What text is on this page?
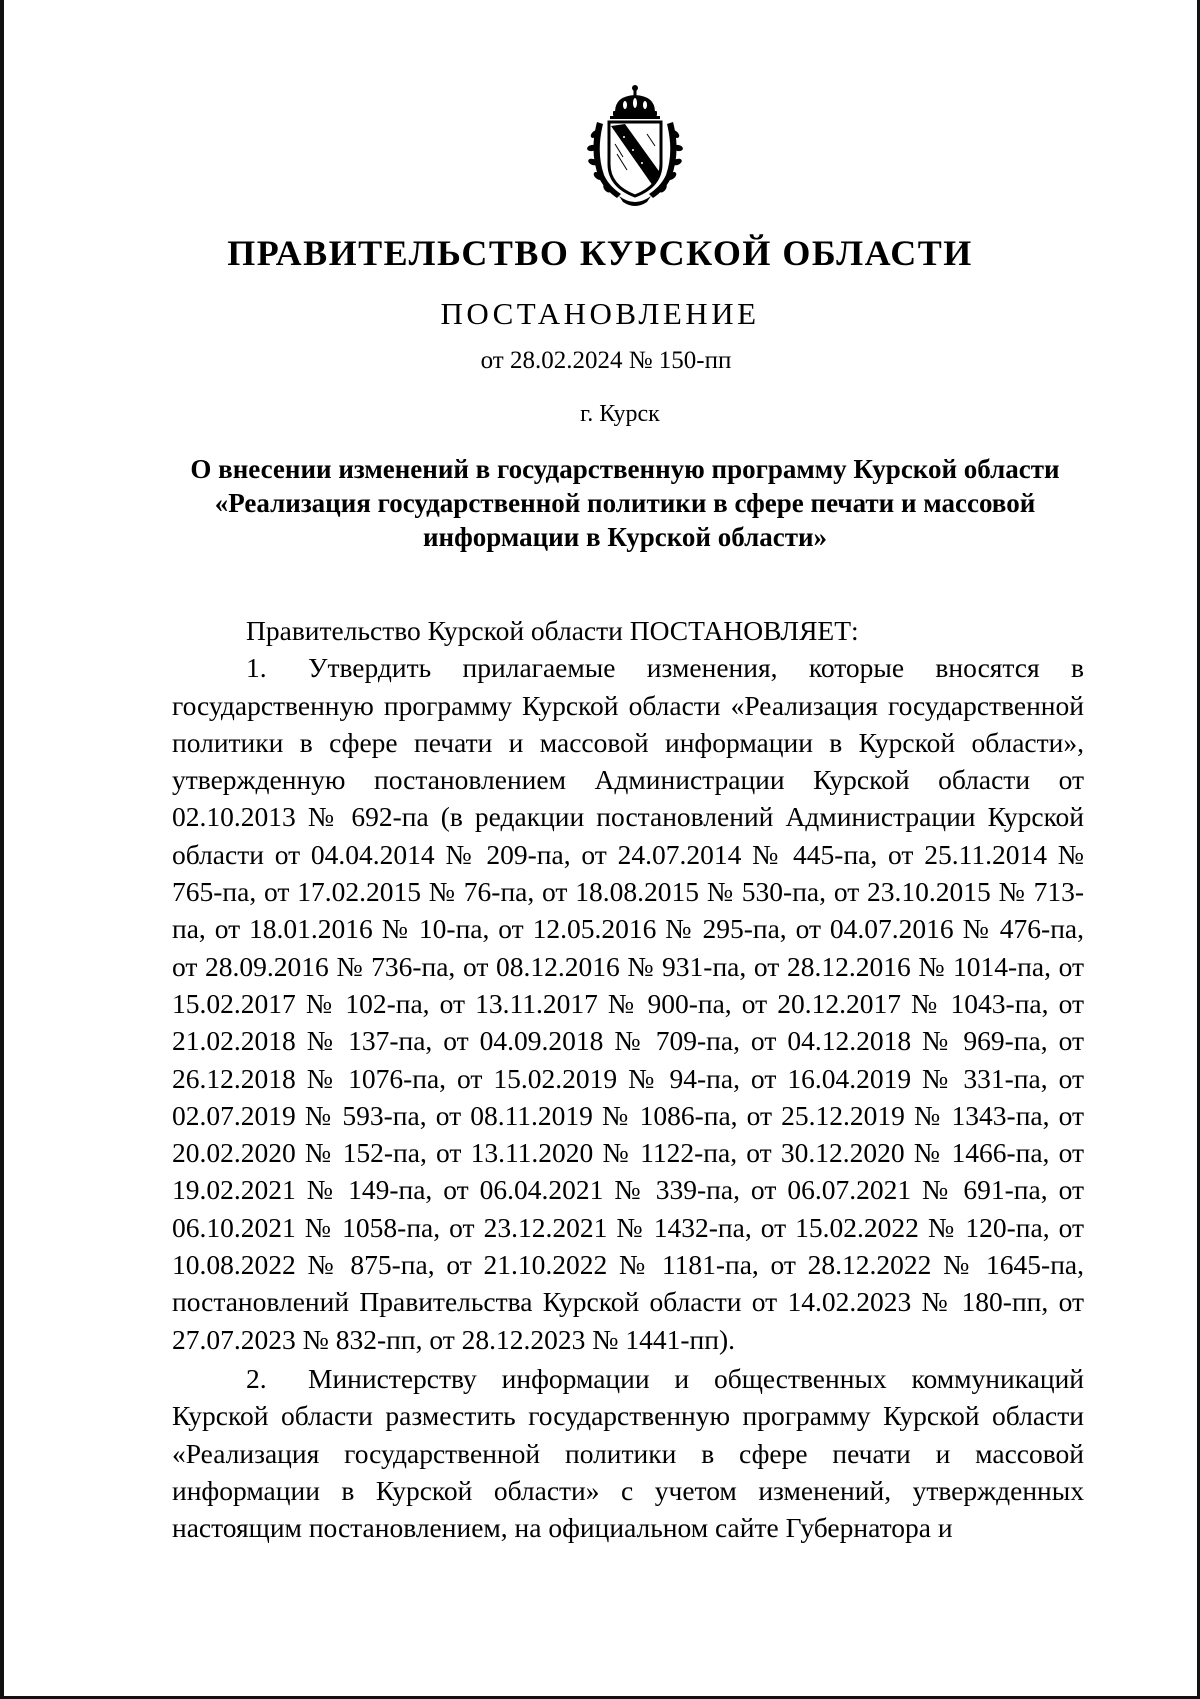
ПРАВИТЕЛЬСТВО КУРСКОЙ ОБЛАСТИ
ПОСТАНОВЛЕНИЕ
от 28.02.2024 № 150-пп
г. Курск
О внесении изменений в государственную программу Курской области «Реализация государственной политики в сфере печати и массовой информации в Курской области»

Правительство Курской области ПОСТАНОВЛЯЕТ:

1. Утвердить прилагаемые изменения, которые вносятся в государственную программу Курской области «Реализация государственной политики в сфере печати и массовой информации в Курской области», утвержденную постановлением Администрации Курской области от 02.10.2013 № 692-па (в редакции постановлений Администрации Курской области от 04.04.2014 № 209-па, от 24.07.2014 № 445-па, от 25.11.2014 № 765-па, от 17.02.2015 № 76-па, от 18.08.2015 № 530-па, от 23.10.2015 № 713-па, от 18.01.2016 № 10-па, от 12.05.2016 № 295-па, от 04.07.2016 № 476-па, от 28.09.2016 № 736-па, от 08.12.2016 № 931-па, от 28.12.2016 № 1014-па, от 15.02.2017 № 102-па, от 13.11.2017 № 900-па, от 20.12.2017 № 1043-па, от 21.02.2018 № 137-па, от 04.09.2018 № 709-па, от 04.12.2018 № 969-па, от 26.12.2018 № 1076-па, от 15.02.2019 № 94-па, от 16.04.2019 № 331-па, от 02.07.2019 № 593-па, от 08.11.2019 № 1086-па, от 25.12.2019 № 1343-па, от 20.02.2020 № 152-па, от 13.11.2020 № 1122-па, от 30.12.2020 № 1466-па, от 19.02.2021 № 149-па, от 06.04.2021 № 339-па, от 06.07.2021 № 691-па, от 06.10.2021 № 1058-па, от 23.12.2021 № 1432-па, от 15.02.2022 № 120-па, от 10.08.2022 № 875-па, от 21.10.2022 № 1181-па, от 28.12.2022 № 1645-па, постановлений Правительства Курской области от 14.02.2023 № 180-пп, от 27.07.2023 № 832-пп, от 28.12.2023 № 1441-пп).

2. Министерству информации и общественных коммуникаций Курской области разместить государственную программу Курской области «Реализация государственной политики в сфере печати и массовой информации в Курской области» с учетом изменений, утвержденных настоящим постановлением, на официальном сайте Губернатора и
